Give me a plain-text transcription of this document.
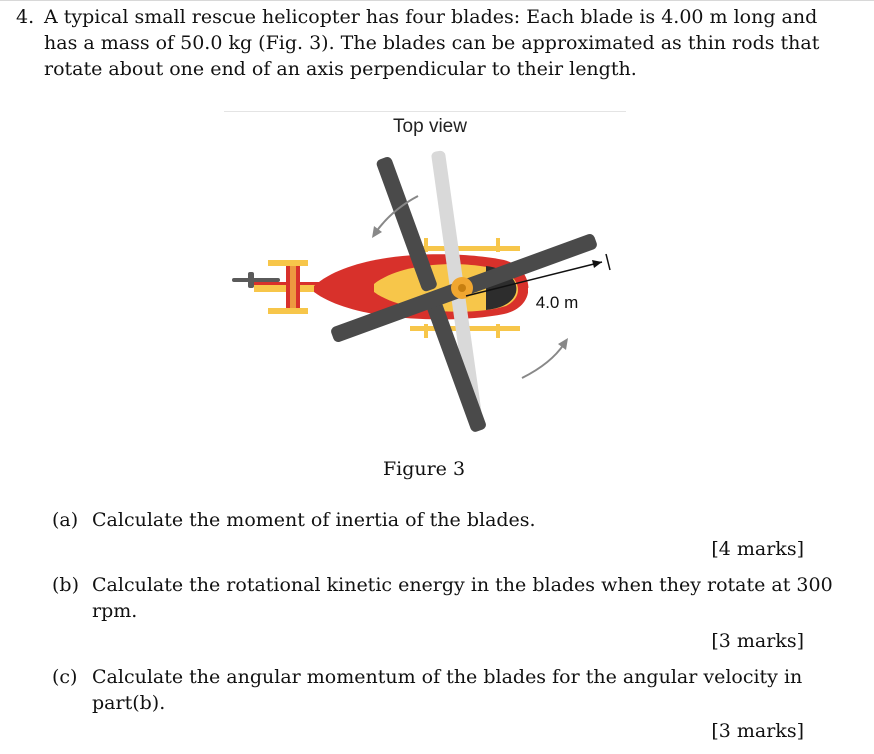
4. A typical small rescue helicopter has four blades: Each blade is 4.00 m long and
has a mass of 50.0 kg (Fig. 3). The blades can be approximated as thin rods that
rotate about one end of an axis perpendicular to their length.
Top view
4.0 m
Figure 3
(a) Calculate the moment of inertia of the blades.
[4 marks]
(b) Calculate the rotational kinetic energy in the blades when they rotate at 300
rpm.
[3 marks]
(c) Calculate the angular momentum of the blades for the angular velocity in
part(b).
[3 marks]
